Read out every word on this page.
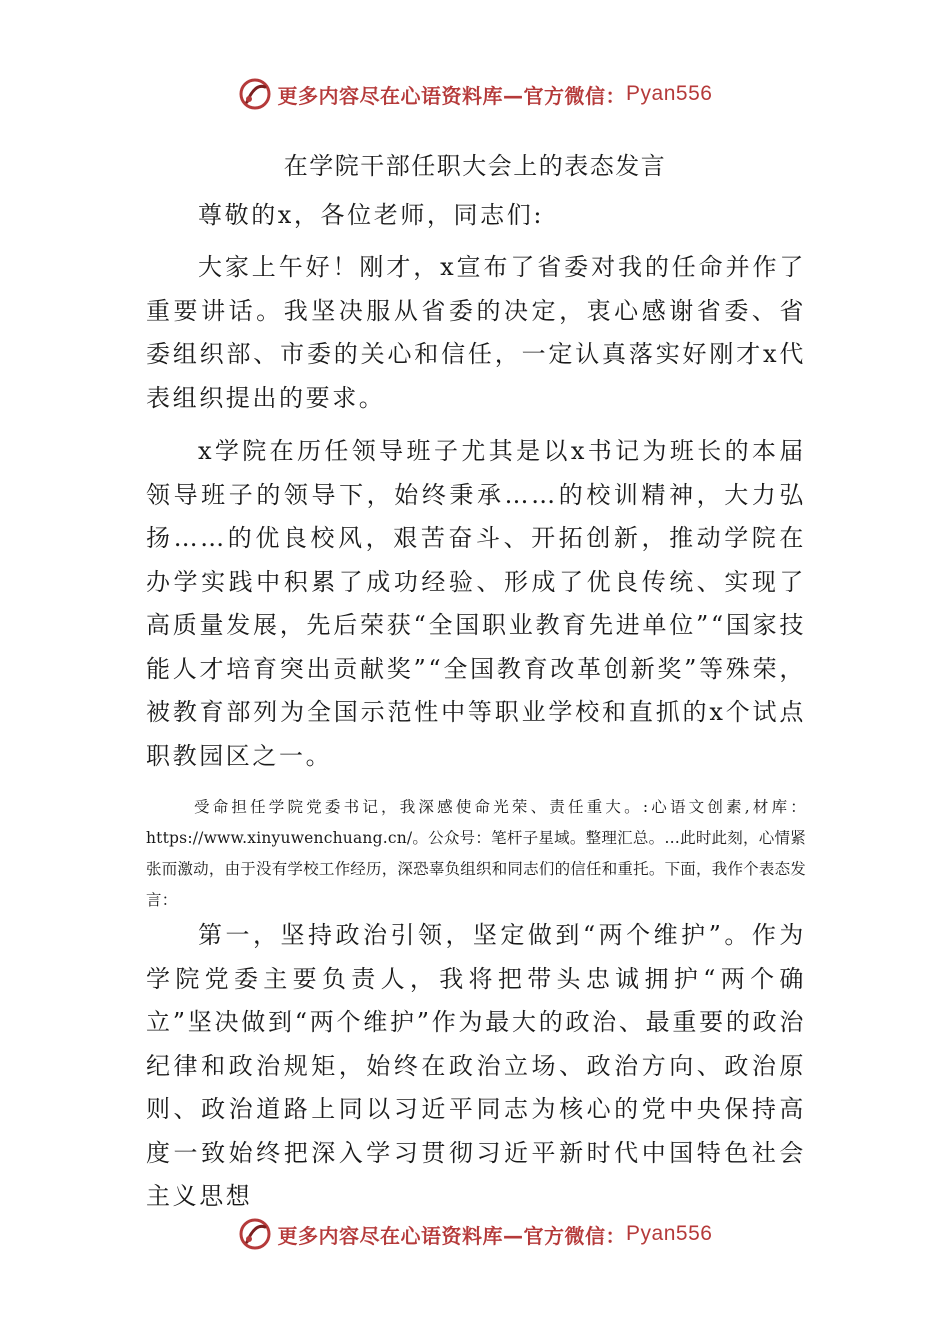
更多内容尽在心语资料库—官方微信： Pyan556
在学院干部任职大会上的表态发言

尊敬的x，各位老师，同志们:

大家上午好！刚才，x宣布了省委对我的任命并作了重要讲话。我坚决服从省委的决定，衷心感谢省委、省委组织部、市委的关心和信任，一定认真落实好刚才x代表组织提出的要求。

x学院在历任领导班子尤其是以x书记为班长的本届领导班子的领导下，始终秉承……的校训精神，大力弘扬……的优良校风，艰苦奋斗、开拓创新，推动学院在办学实践中积累了成功经验、形成了优良传统、实现了高质量发展，先后荣获“全国职业教育先进单位”“国家技能人才培育突出贡献奖”“全国教育改革创新奖”等殊荣，被教育部列为全国示范性中等职业学校和直抓的x个试点职教园区之一。

受命担任学院党委书记，我深感使命光荣、责任重大。:心语文创素,材库：https://www.xinyuwenchuang.cn/。公众号：笔杆子星域。整理汇总。…此时此刻，心情紧张而激动，由于没有学校工作经历，深恐辜负组织和同志们的信任和重托。下面，我作个表态发言：

第一，坚持政治引领，坚定做到“两个维护”。作为学院党委主要负责人，我将把带头忠诚拥护“两个确立”坚决做到“两个维护”作为最大的政治、最重要的政治纪律和政治规矩，始终在政治立场、政治方向、政治原则、政治道路上同以习近平同志为核心的党中央保持高度一致始终把深入学习贯彻习近平新时代中国特色社会主义思想

更多内容尽在心语资料库—官方微信： Pyan556
